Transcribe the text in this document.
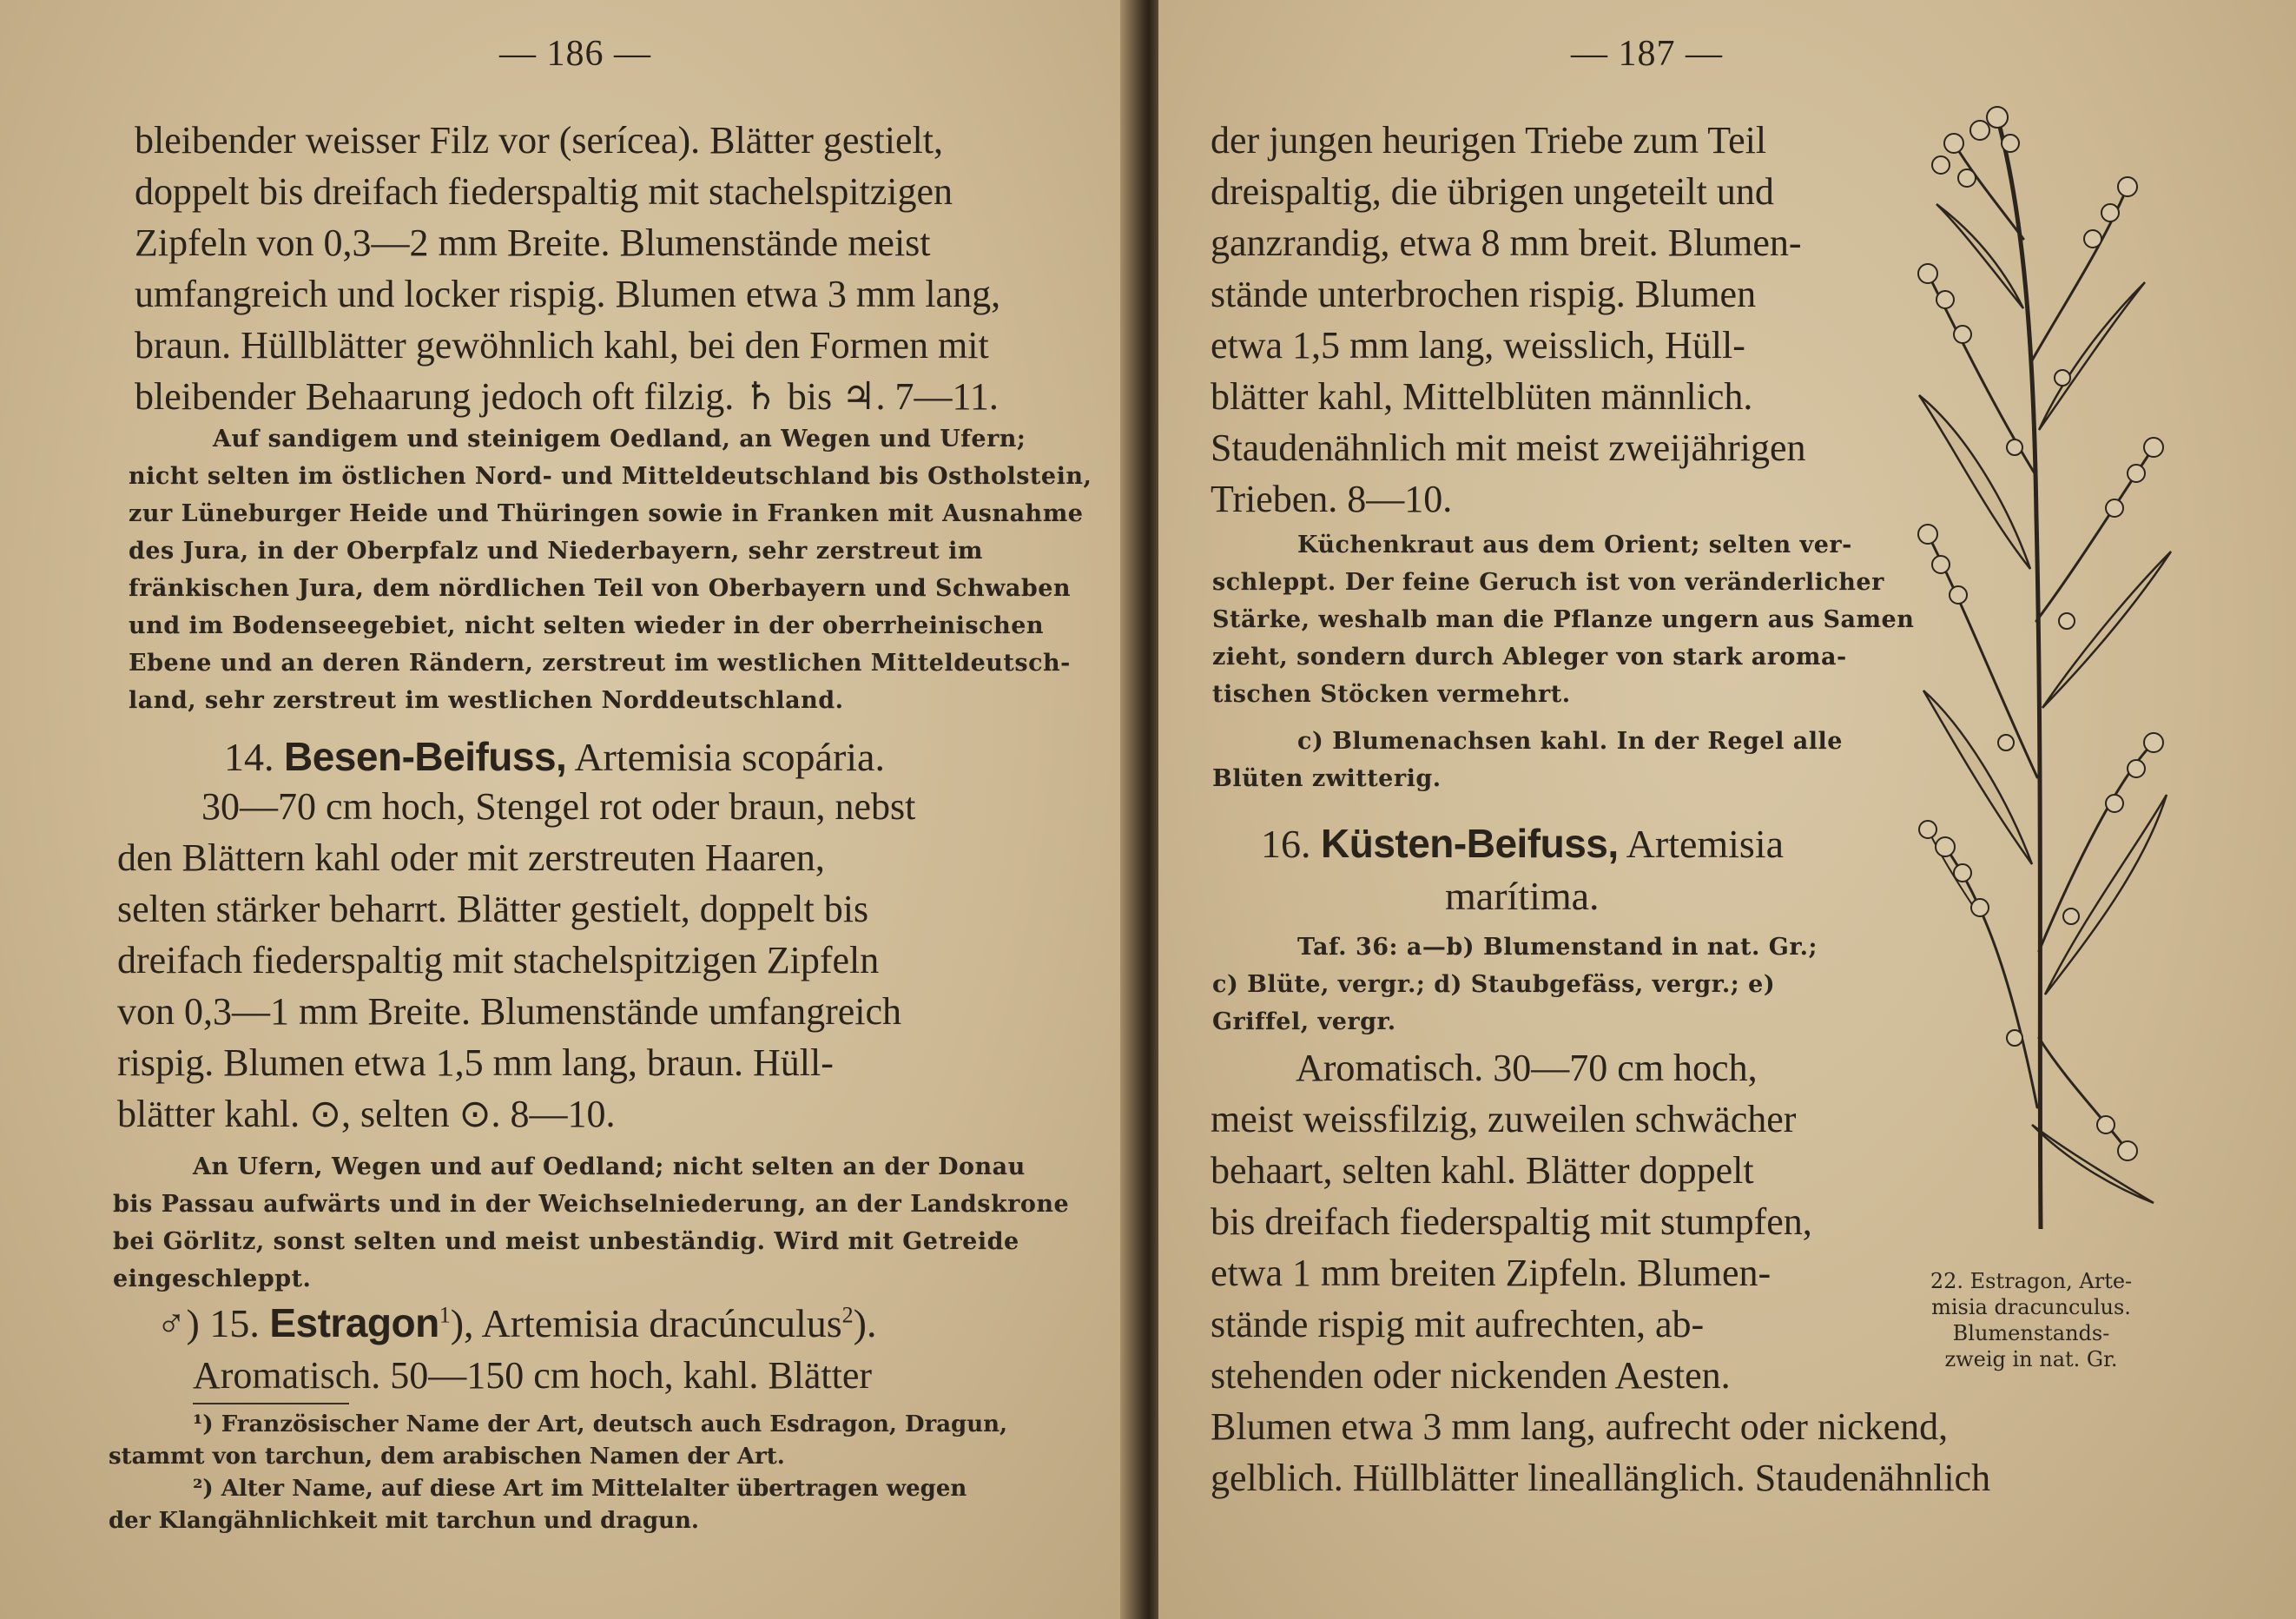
— 186 —
bleibender weisser Filz vor (serícea). Blätter gestielt,
doppelt bis dreifach fiederspaltig mit stachelspitzigen
Zipfeln von 0,3—2 mm Breite. Blumenstände meist
umfangreich und locker rispig. Blumen etwa 3 mm lang,
braun. Hüllblätter gewöhnlich kahl, bei den Formen mit
bleibender Behaarung jedoch oft filzig. ♄ bis ♃. 7—11.
Auf sandigem und steinigem Oedland, an Wegen und Ufern;
nicht selten im östlichen Nord- und Mitteldeutschland bis Ostholstein,
zur Lüneburger Heide und Thüringen sowie in Franken mit Ausnahme
des Jura, in der Oberpfalz und Niederbayern, sehr zerstreut im
fränkischen Jura, dem nördlichen Teil von Oberbayern und Schwaben
und im Bodenseegebiet, nicht selten wieder in der oberrheinischen
Ebene und an deren Rändern, zerstreut im westlichen Mitteldeutsch-
land, sehr zerstreut im westlichen Norddeutschland.
14. Besen-Beifuss, Artemisia scopária.
30—70 cm hoch, Stengel rot oder braun, nebst
den Blättern kahl oder mit zerstreuten Haaren,
selten stärker beharrt. Blätter gestielt, doppelt bis
dreifach fiederspaltig mit stachelspitzigen Zipfeln
von 0,3—1 mm Breite. Blumenstände umfangreich
rispig. Blumen etwa 1,5 mm lang, braun. Hüll-
blätter kahl. ⊙, selten ⊙. 8—10.
An Ufern, Wegen und auf Oedland; nicht selten an der Donau
bis Passau aufwärts und in der Weichselniederung, an der Landskrone
bei Görlitz, sonst selten und meist unbeständig. Wird mit Getreide
eingeschleppt.
♂) 15. Estragon$^1$), Artemisia dracúnculus$^2$).
Aromatisch. 50—150 cm hoch, kahl. Blätter
¹) Französischer Name der Art, deutsch auch Esdragon, Dragun,
stammt von tarchun, dem arabischen Namen der Art.
²) Alter Name, auf diese Art im Mittelalter übertragen wegen
der Klangähnlichkeit mit tarchun und dragun.
— 187 —
der jungen heurigen Triebe zum Teil
dreispaltig, die übrigen ungeteilt und
ganzrandig, etwa 8 mm breit. Blumen-
stände unterbrochen rispig. Blumen
etwa 1,5 mm lang, weisslich, Hüll-
blätter kahl, Mittelblüten männlich.
Staudenähnlich mit meist zweijährigen
Trieben. 8—10.
Küchenkraut aus dem Orient; selten ver-
schleppt. Der feine Geruch ist von veränderlicher
Stärke, weshalb man die Pflanze ungern aus Samen
zieht, sondern durch Ableger von stark aroma-
tischen Stöcken vermehrt.
c) Blumenachsen kahl. In der Regel alle
Blüten zwitterig.
16. Küsten-Beifuss, Artemisia
marítima.
Taf. 36: a—b) Blumenstand in nat. Gr.;
c) Blüte, vergr.; d) Staubgefäss, vergr.; e)
Griffel, vergr.
Aromatisch. 30—70 cm hoch,
meist weissfilzig, zuweilen schwächer
behaart, selten kahl. Blätter doppelt
bis dreifach fiederspaltig mit stumpfen,
etwa 1 mm breiten Zipfeln. Blumen-
stände rispig mit aufrechten, ab-
stehenden oder nickenden Aesten.
Blumen etwa 3 mm lang, aufrecht oder nickend,
gelblich. Hüllblätter lineallänglich. Staudenähnlich
22. Estragon, Arte-
misia dracunculus.
Blumenstands-
zweig in nat. Gr.
